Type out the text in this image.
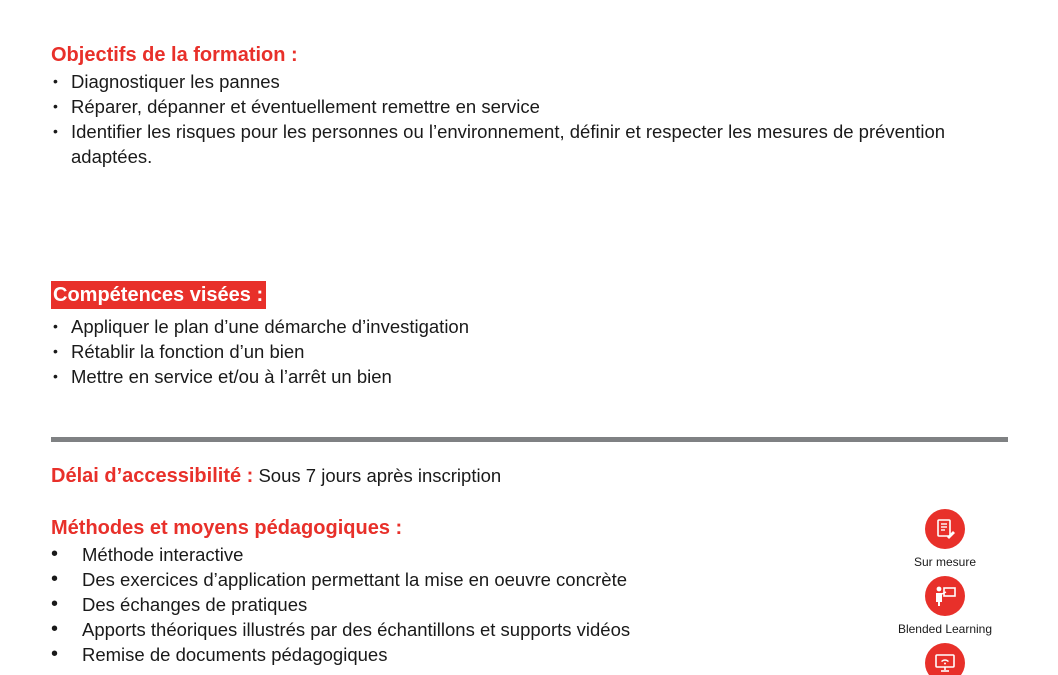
Objectifs de la formation :
• Diagnostiquer les pannes
• Réparer, dépanner et éventuellement remettre en service
• Identifier les risques pour les personnes ou l’environnement, définir et respecter les mesures de prévention adaptées.
Compétences visées :
• Appliquer le plan d’une démarche d’investigation
• Rétablir la fonction d’un bien
• Mettre en service et/ou à l’arrêt un bien
Délai d’accessibilité : Sous 7 jours après inscription
Méthodes et moyens pédagogiques :
• Méthode interactive
• Des exercices d’application permettant la mise en oeuvre concrète
• Des échanges de pratiques
• Apports théoriques illustrés par des échantillons et supports vidéos
• Remise de documents pédagogiques
Sur mesure
Blended Learning
